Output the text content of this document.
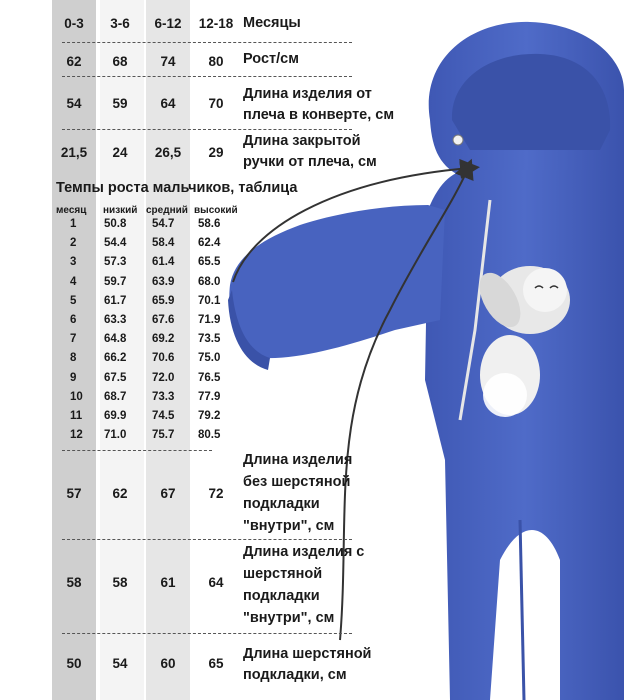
0-3	3-6	6-12	12-18 Месяцы
62	68	74	80	Рост/см
54	59	64	70
Длина изделия от
плеча в конверте, см
21,5	24	26,5	29
Длина закрытой
ручки от плеча, см
Темпы роста мальчиков, таблица
месяц низкий средний высокий
1 50.8 54.7 58.6
2 54.4 58.4 62.4
3 57.3 61.4 65.5
4 59.7 63.9 68.0
5 61.7 65.9 70.1
6 63.3 67.6 71.9
7 64.8 69.2 73.5
8 66.2 70.6 75.0
9 67.5 72.0 76.5
10 68.7 73.3 77.9
11 69.9 74.5 79.2
12 71.0 75.7 80.5
57	62	67	72
Длина изделия
без шерстяной
подкладки
"внутри", см
58	58	61	64
Длина изделия с
шерстяной
подкладки
"внутри", см
50	54	60	65
Длина шерстяной
подкладки, см
